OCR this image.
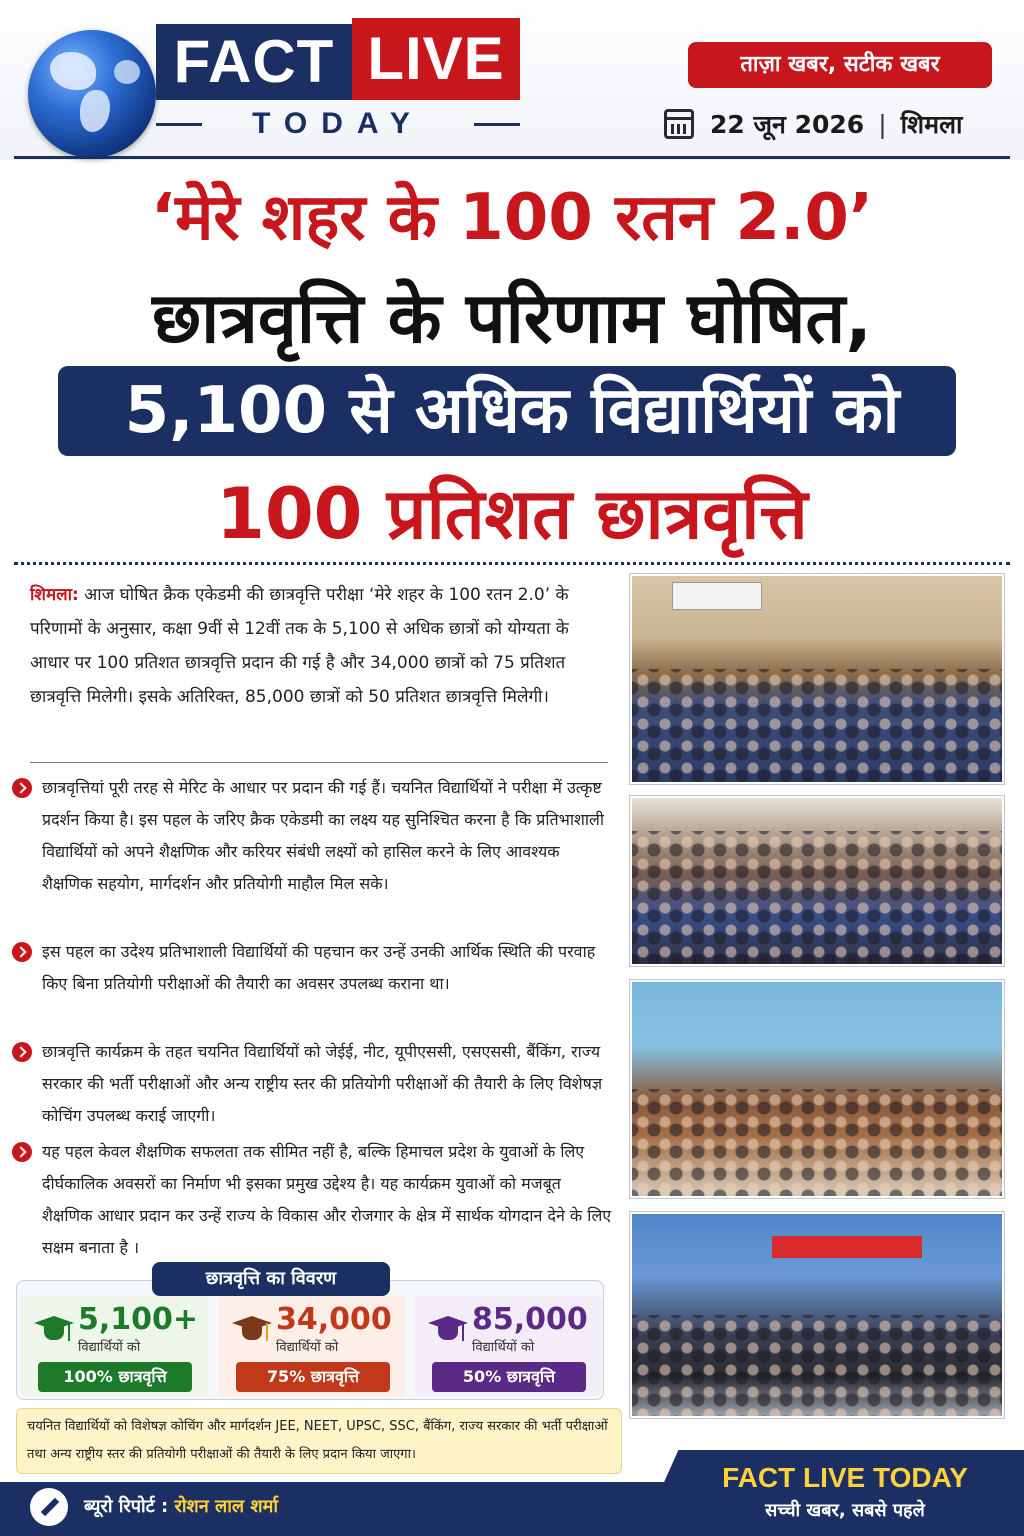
FACT LIVE
TODAY
ताज़ा खबर, सटीक खबर
22 जून 2026 | शिमला
‘मेरे शहर के 100 रतन 2.0’
छात्रवृत्ति के परिणाम घोषित,
5,100 से अधिक विद्यार्थियों को
100 प्रतिशत छात्रवृत्ति

शिमला: आज घोषित क्रैक एकेडमी की छात्रवृत्ति परीक्षा ‘मेरे शहर के 100 रतन 2.0’ के परिणामों के अनुसार, कक्षा 9वीं से 12वीं तक के 5,100 से अधिक छात्रों को योग्यता के आधार पर 100 प्रतिशत छात्रवृत्ति प्रदान की गई है और 34,000 छात्रों को 75 प्रतिशत छात्रवृत्ति मिलेगी। इसके अतिरिक्त, 85,000 छात्रों को 50 प्रतिशत छात्रवृत्ति मिलेगी।

छात्रवृत्तियां पूरी तरह से मेरिट के आधार पर प्रदान की गई हैं। चयनित विद्यार्थियों ने परीक्षा में उत्कृष्ट प्रदर्शन किया है। इस पहल के जरिए क्रैक एकेडमी का लक्ष्य यह सुनिश्चित करना है कि प्रतिभाशाली विद्यार्थियों को अपने शैक्षणिक और करियर संबंधी लक्ष्यों को हासिल करने के लिए आवश्यक शैक्षणिक सहयोग, मार्गदर्शन और प्रतियोगी माहौल मिल सके।
इस पहल का उदेश्य प्रतिभाशाली विद्यार्थियों की पहचान कर उन्हें उनकी आर्थिक स्थिति की परवाह किए बिना प्रतियोगी परीक्षाओं की तैयारी का अवसर उपलब्ध कराना था।
छात्रवृत्ति कार्यक्रम के तहत चयनित विद्यार्थियों को जेईई, नीट, यूपीएससी, एसएससी, बैंकिंग, राज्य सरकार की भर्ती परीक्षाओं और अन्य राष्ट्रीय स्तर की प्रतियोगी परीक्षाओं की तैयारी के लिए विशेषज्ञ कोचिंग उपलब्ध कराई जाएगी।
यह पहल केवल शैक्षणिक सफलता तक सीमित नहीं है, बल्कि हिमाचल प्रदेश के युवाओं के लिए दीर्घकालिक अवसरों का निर्माण भी इसका प्रमुख उद्देश्य है। यह कार्यक्रम युवाओं को मजबूत शैक्षणिक आधार प्रदान कर उन्हें राज्य के विकास और रोजगार के क्षेत्र में सार्थक योगदान देने के लिए सक्षम बनाता है ।
छात्रवृत्ति का विवरण
5,100+
विद्यार्थियों को
100% छात्रवृत्ति
34,000
विद्यार्थियों को
75% छात्रवृत्ति
85,000
विद्यार्थियों को
50% छात्रवृत्ति
चयनित विद्यार्थियों को विशेषज्ञ कोचिंग और मार्गदर्शन JEE, NEET, UPSC, SSC, बैंकिंग, राज्य सरकार की भर्ती परीक्षाओं तथा अन्य राष्ट्रीय स्तर की प्रतियोगी परीक्षाओं की तैयारी के लिए प्रदान किया जाएगा।
ब्यूरो रिपोर्ट : रोशन लाल शर्मा
FACT LIVE TODAY
सच्ची खबर, सबसे पहले
